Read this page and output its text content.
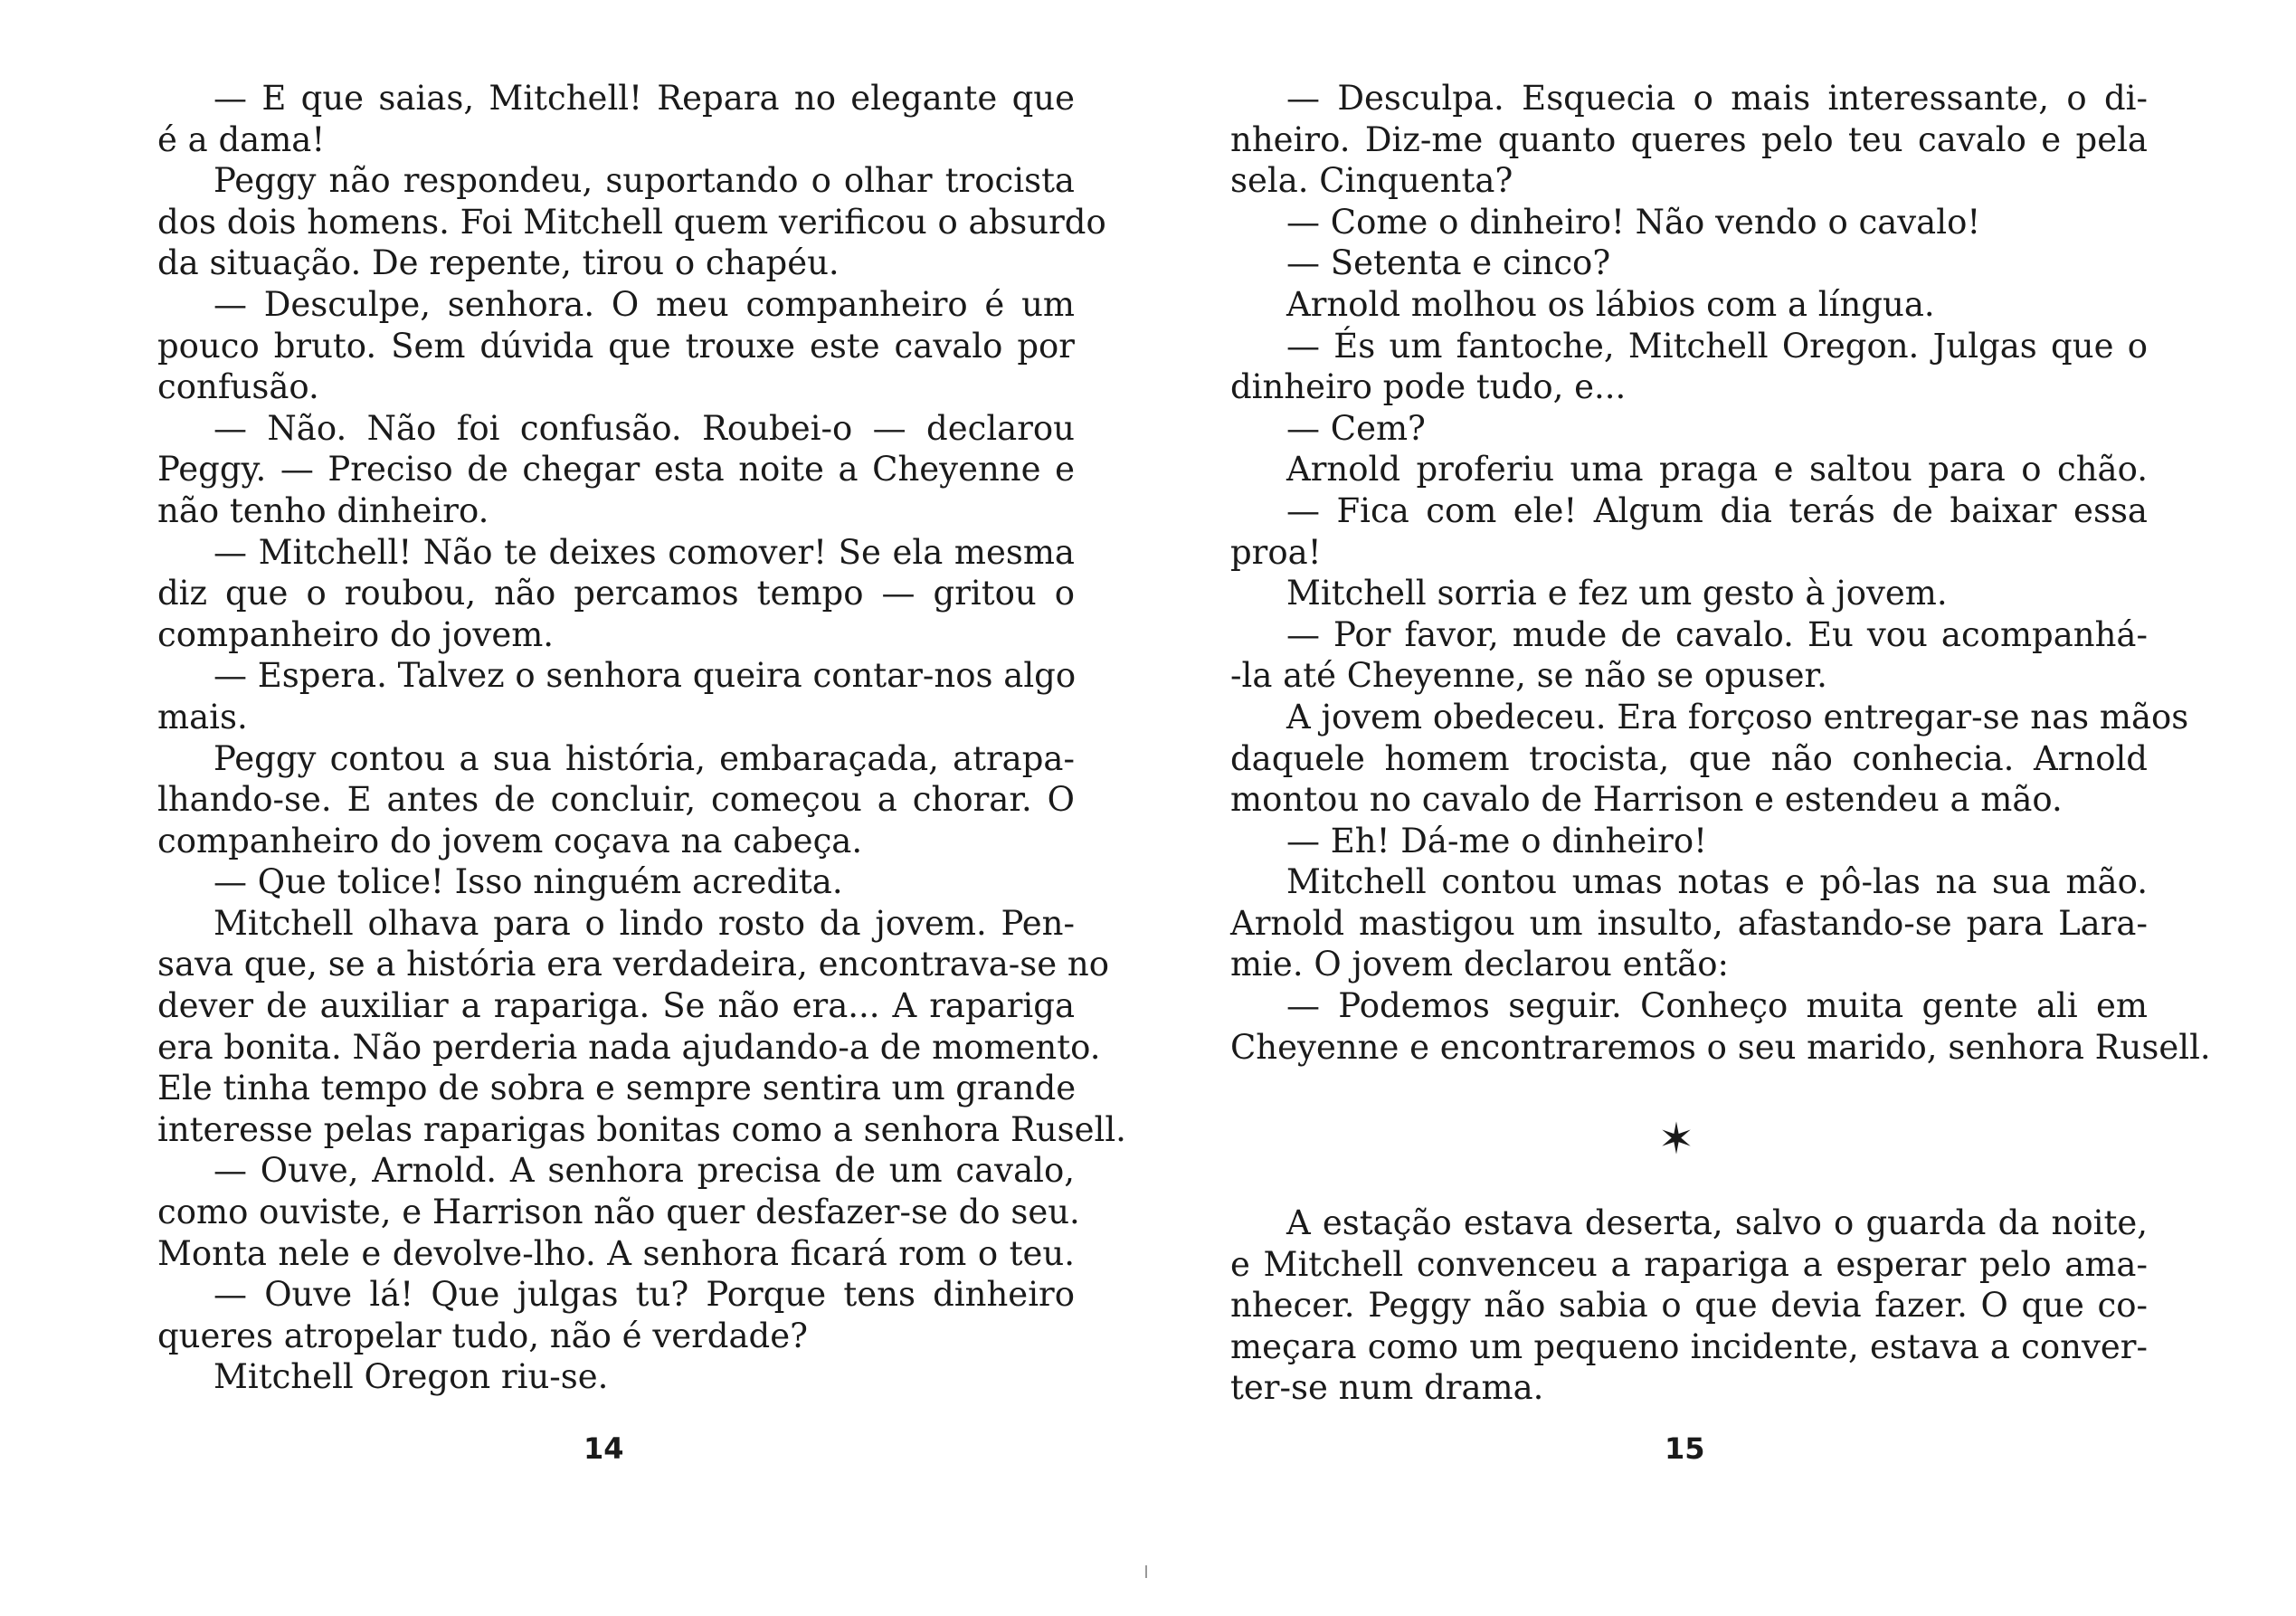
— E que saias, Mitchell! Repara no elegante que
é a dama!
Peggy não respondeu, suportando o olhar trocista
dos dois homens. Foi Mitchell quem verificou o absurdo
da situação. De repente, tirou o chapéu.
— Desculpe, senhora. O meu companheiro é um
pouco bruto. Sem dúvida que trouxe este cavalo por
confusão.
— Não. Não foi confusão. Roubei-o — declarou
Peggy. — Preciso de chegar esta noite a Cheyenne e
não tenho dinheiro.
— Mitchell! Não te deixes comover! Se ela mesma
diz que o roubou, não percamos tempo — gritou o
companheiro do jovem.
— Espera. Talvez o senhora queira contar-nos algo
mais.
Peggy contou a sua história, embaraçada, atrapa-
lhando-se. E antes de concluir, começou a chorar. O
companheiro do jovem coçava na cabeça.
— Que tolice! Isso ninguém acredita.
Mitchell olhava para o lindo rosto da jovem. Pen-
sava que, se a história era verdadeira, encontrava-se no
dever de auxiliar a rapariga. Se não era... A rapariga
era bonita. Não perderia nada ajudando-a de momento.
Ele tinha tempo de sobra e sempre sentira um grande
interesse pelas raparigas bonitas como a senhora Rusell.
— Ouve, Arnold. A senhora precisa de um cavalo,
como ouviste, e Harrison não quer desfazer-se do seu.
Monta nele e devolve-lho. A senhora ficará rom o teu.
— Ouve lá! Que julgas tu? Porque tens dinheiro
queres atropelar tudo, não é verdade?
Mitchell Oregon riu-se.
14
— Desculpa. Esquecia o mais interessante, o di-
nheiro. Diz-me quanto queres pelo teu cavalo e pela
sela. Cinquenta?
— Come o dinheiro! Não vendo o cavalo!
— Setenta e cinco?
Arnold molhou os lábios com a língua.
— És um fantoche, Mitchell Oregon. Julgas que o
dinheiro pode tudo, e...
— Cem?
Arnold proferiu uma praga e saltou para o chão.
— Fica com ele! Algum dia terás de baixar essa
proa!
Mitchell sorria e fez um gesto à jovem.
— Por favor, mude de cavalo. Eu vou acompanhá-
-la até Cheyenne, se não se opuser.
A jovem obedeceu. Era forçoso entregar-se nas mãos
daquele homem trocista, que não conhecia. Arnold
montou no cavalo de Harrison e estendeu a mão.
— Eh! Dá-me o dinheiro!
Mitchell contou umas notas e pô-las na sua mão.
Arnold mastigou um insulto, afastando-se para Lara-
mie. O jovem declarou então:
— Podemos seguir. Conheço muita gente ali em
Cheyenne e encontraremos o seu marido, senhora Rusell.
✶
A estação estava deserta, salvo o guarda da noite,
e Mitchell convenceu a rapariga a esperar pelo ama-
nhecer. Peggy não sabia o que devia fazer. O que co-
meçara como um pequeno incidente, estava a conver-
ter-se num drama.
15
